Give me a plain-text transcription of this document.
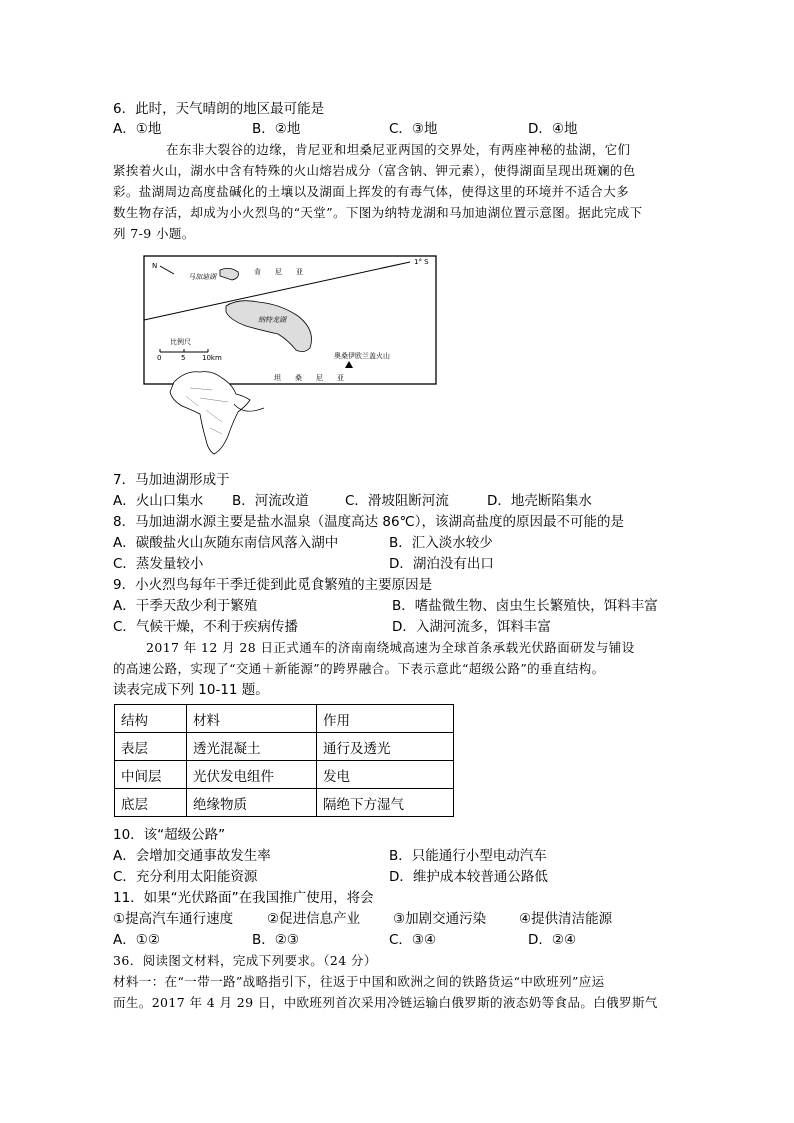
6．此时，天气晴朗的地区最可能是
A．①地	B．②地	C．③地	D．④地
在东非大裂谷的边缘，肯尼亚和坦桑尼亚两国的交界处，有两座神秘的盐湖，它们
紧挨着火山，湖水中含有特殊的火山熔岩成分（富含钠、钾元素），使得湖面呈现出斑斓的色
彩。盐湖周边高度盐碱化的土壤以及湖面上挥发的有毒气体，使得这里的环境并不适合大多
数生物存活，却成为小火烈鸟的“天堂”。下图为纳特龙湖和马加迪湖位置示意图。据此完成下
列 7-9 小题。
1° S
N
马加迪湖
纳特龙湖
肯　　尼　　亚
坦　　桑　　尼　　亚
比例尺
0	5 10km	奥桑伊欧兰盖火山
7．马加迪湖形成于
A．火山口集水 B．河流改道	C．滑坡阻断河流	D．地壳断陷集水
8．马加迪湖水源主要是盐水温泉（温度高达 86℃），该湖高盐度的原因最不可能的是
A．碳酸盐火山灰随东南信风落入湖中	B．汇入淡水较少
C．蒸发量较小	D．湖泊没有出口
9．小火烈鸟每年干季迁徙到此觅食繁殖的主要原因是
A．干季天敌少利于繁殖	B．嗜盐微生物、卤虫生长繁殖快，饵料丰富
C．气候干燥，不利于疾病传播	D．入湖河流多，饵料丰富
2017 年 12 月 28 日正式通车的济南南绕城高速为全球首条承载光伏路面研发与铺设
的高速公路，实现了“交通＋新能源”的跨界融合。下表示意此“超级公路”的垂直结构。
读表完成下列 10-11 题。
结构	材料	作用
表层	透光混凝土	通行及透光
中间层	光伏发电组件	发电
底层	绝缘物质	隔绝下方湿气
10．该“超级公路”
A．会增加交通事故发生率	B．只能通行小型电动汽车
C．充分利用太阳能资源	D．维护成本较普通公路低
11．如果“光伏路面”在我国推广使用，将会
①提高汽车通行速度	②促进信息产业 ③加剧交通污染 ④提供清洁能源
A．①②	B．②③	C．③④	D．②④
36．阅读图文材料，完成下列要求。（24 分）
材料一：在“一带一路”战略指引下，往返于中国和欧洲之间的铁路货运“中欧班列”应运
而生。2017 年 4 月 29 日，中欧班列首次采用冷链运输白俄罗斯的液态奶等食品。白俄罗斯气
